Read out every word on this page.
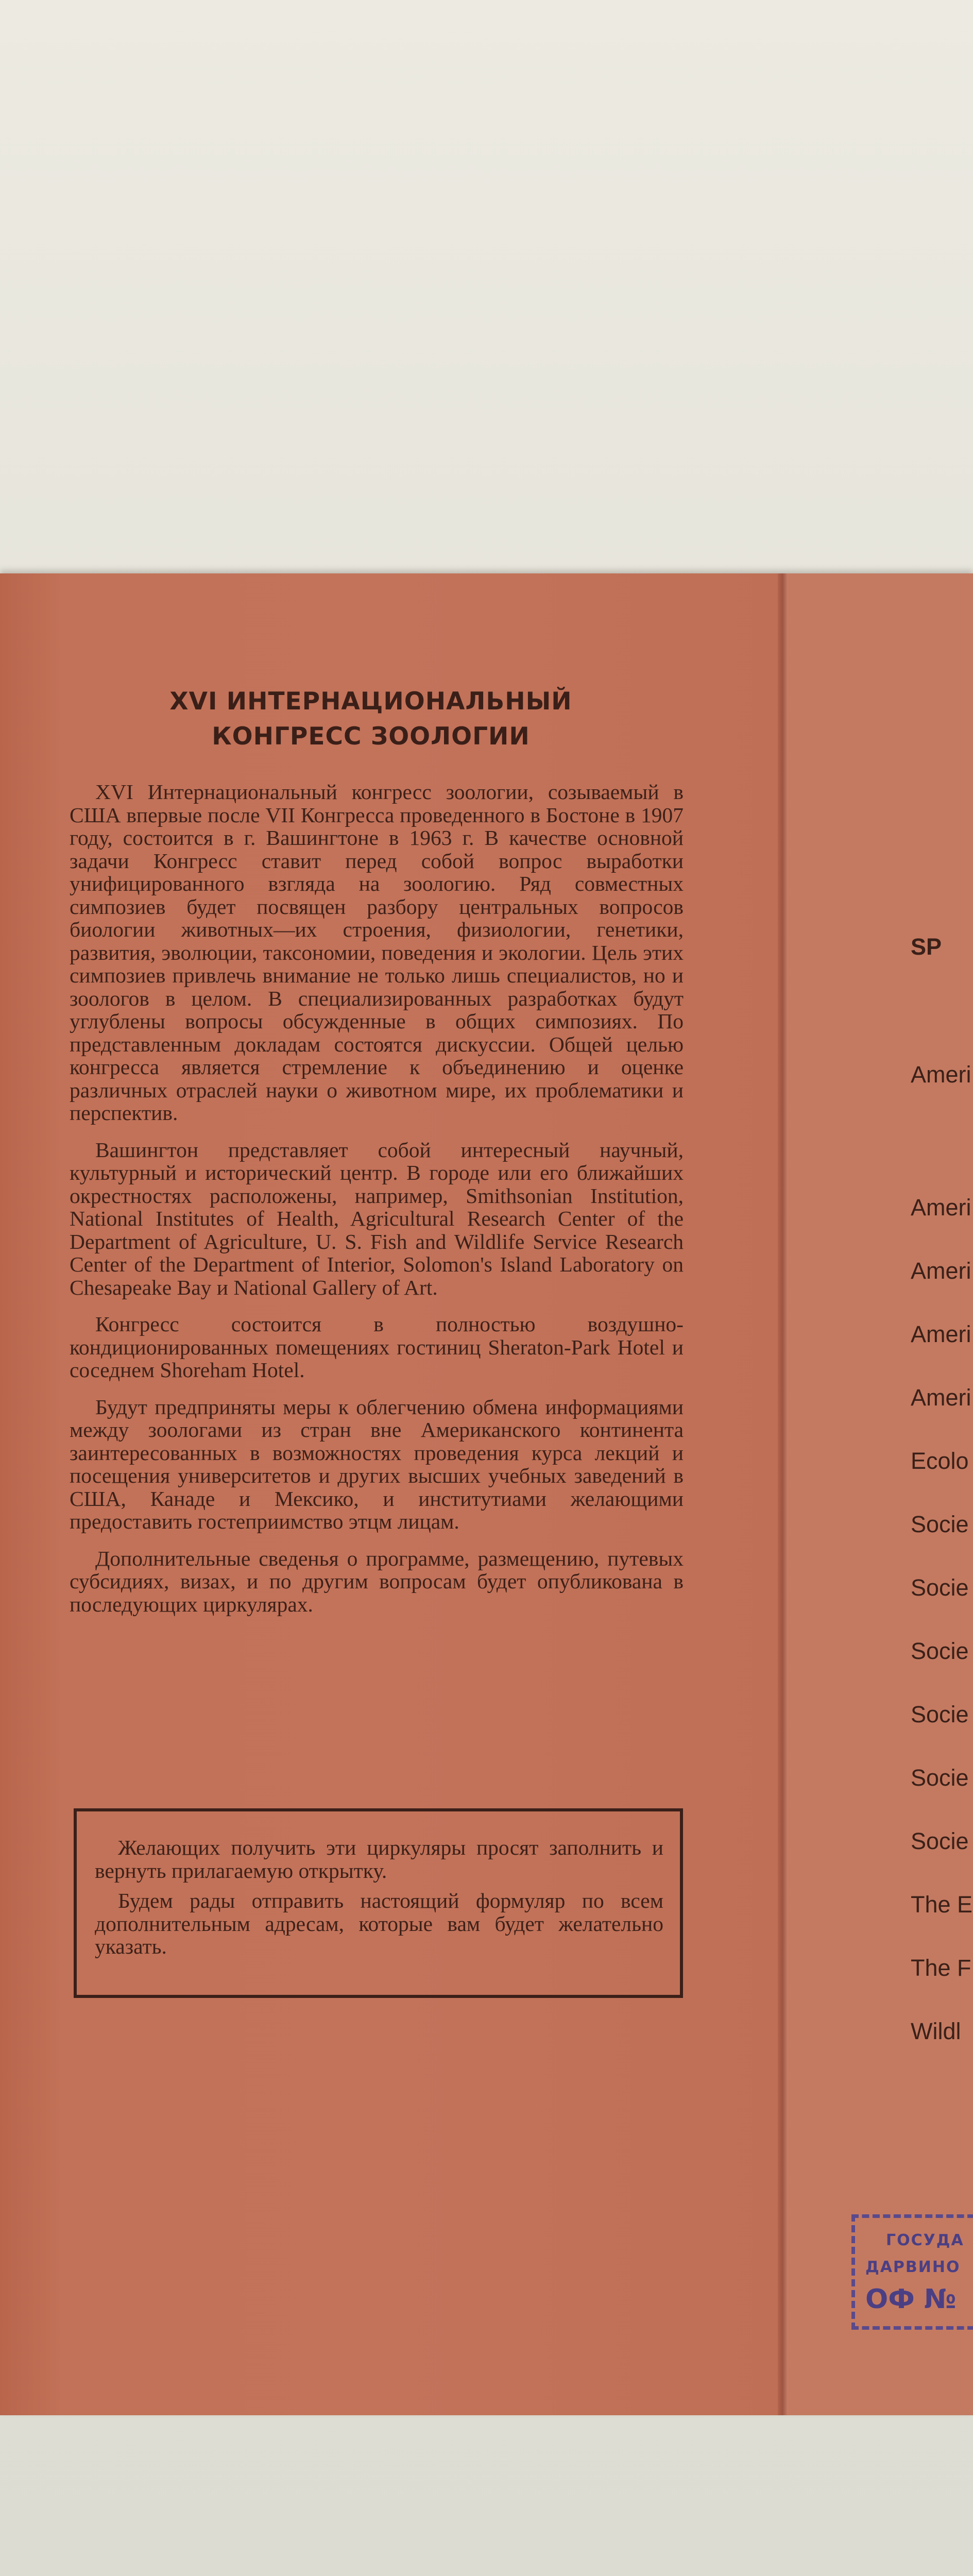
XVI ИНТЕРНАЦИОНАЛЬНЫЙ
КОНГРЕСС ЗООЛОГИИ

XVI Интернациональный конгресс зоологии, созываемый в США впервые после VII Конгресса проведенного в Бостоне в 1907 году, состоится в г. Вашингтоне в 1963 г. В качестве основной задачи Конгресс ставит перед собой вопрос выработки унифицированного взгляда на зоологию. Ряд совместных симпозиев будет посвящен разбору центральных вопросов биологии животных—их строения, физиологии, генетики, развития, эволюции, таксономии, поведения и экологии. Цель этих симпозиев привлечь внимание не только лишь специалистов, но и зоологов в целом. В специализированных разработках будут углублены вопросы обсужденные в общих симпозиях. По представленным докладам состоятся дискуссии. Общей целью конгресса является стремление к объединению и оценке различных отраслей науки о животном мире, их проблематики и перспектив.

Вашингтон представляет собой интересный научный, культурный и исторический центр. В городе или его ближайших окрестностях расположены, например, Smithsonian Institution, National Institutes of Health, Agricultural Research Center of the Department of Agriculture, U. S. Fish and Wildlife Service Research Center of the Department of Interior, Solomon's Island Laboratory on Chesapeake Bay и National Gallery of Art.

Конгресс состоится в полностью воздушно-кондиционированных помещениях гостиниц Sheraton-Park Hotel и соседнем Shoreham Hotel.

Будут предприняты меры к облегчению обмена информациями между зоологами из стран вне Американского континента заинтересованных в возможностях проведения курса лекций и посещения университетов и других высших учебных заведений в США, Канаде и Мексико, и институтиами желающими предоставить гостеприимство этцм лицам.

Дополнительные сведенья о программе, размещению, путевых субсидиях, визах, и по другим вопросам будет опубликована в последующих циркулярах.

Желающих получить эти циркуляры просят заполнить и вернуть прилагаемую открытку.

Будем рады отправить настоящий формуляр по всем дополнительным адресам, которые вам будет желательно указать.

SP
Ameri
Ameri
Ameri
Ameri
Ameri
Ecolo
Socie
Socie
Socie
Socie
Socie
Socie
The E
The F
Wildl
ГОСУДА
ДАРВИНО
ОФ №
